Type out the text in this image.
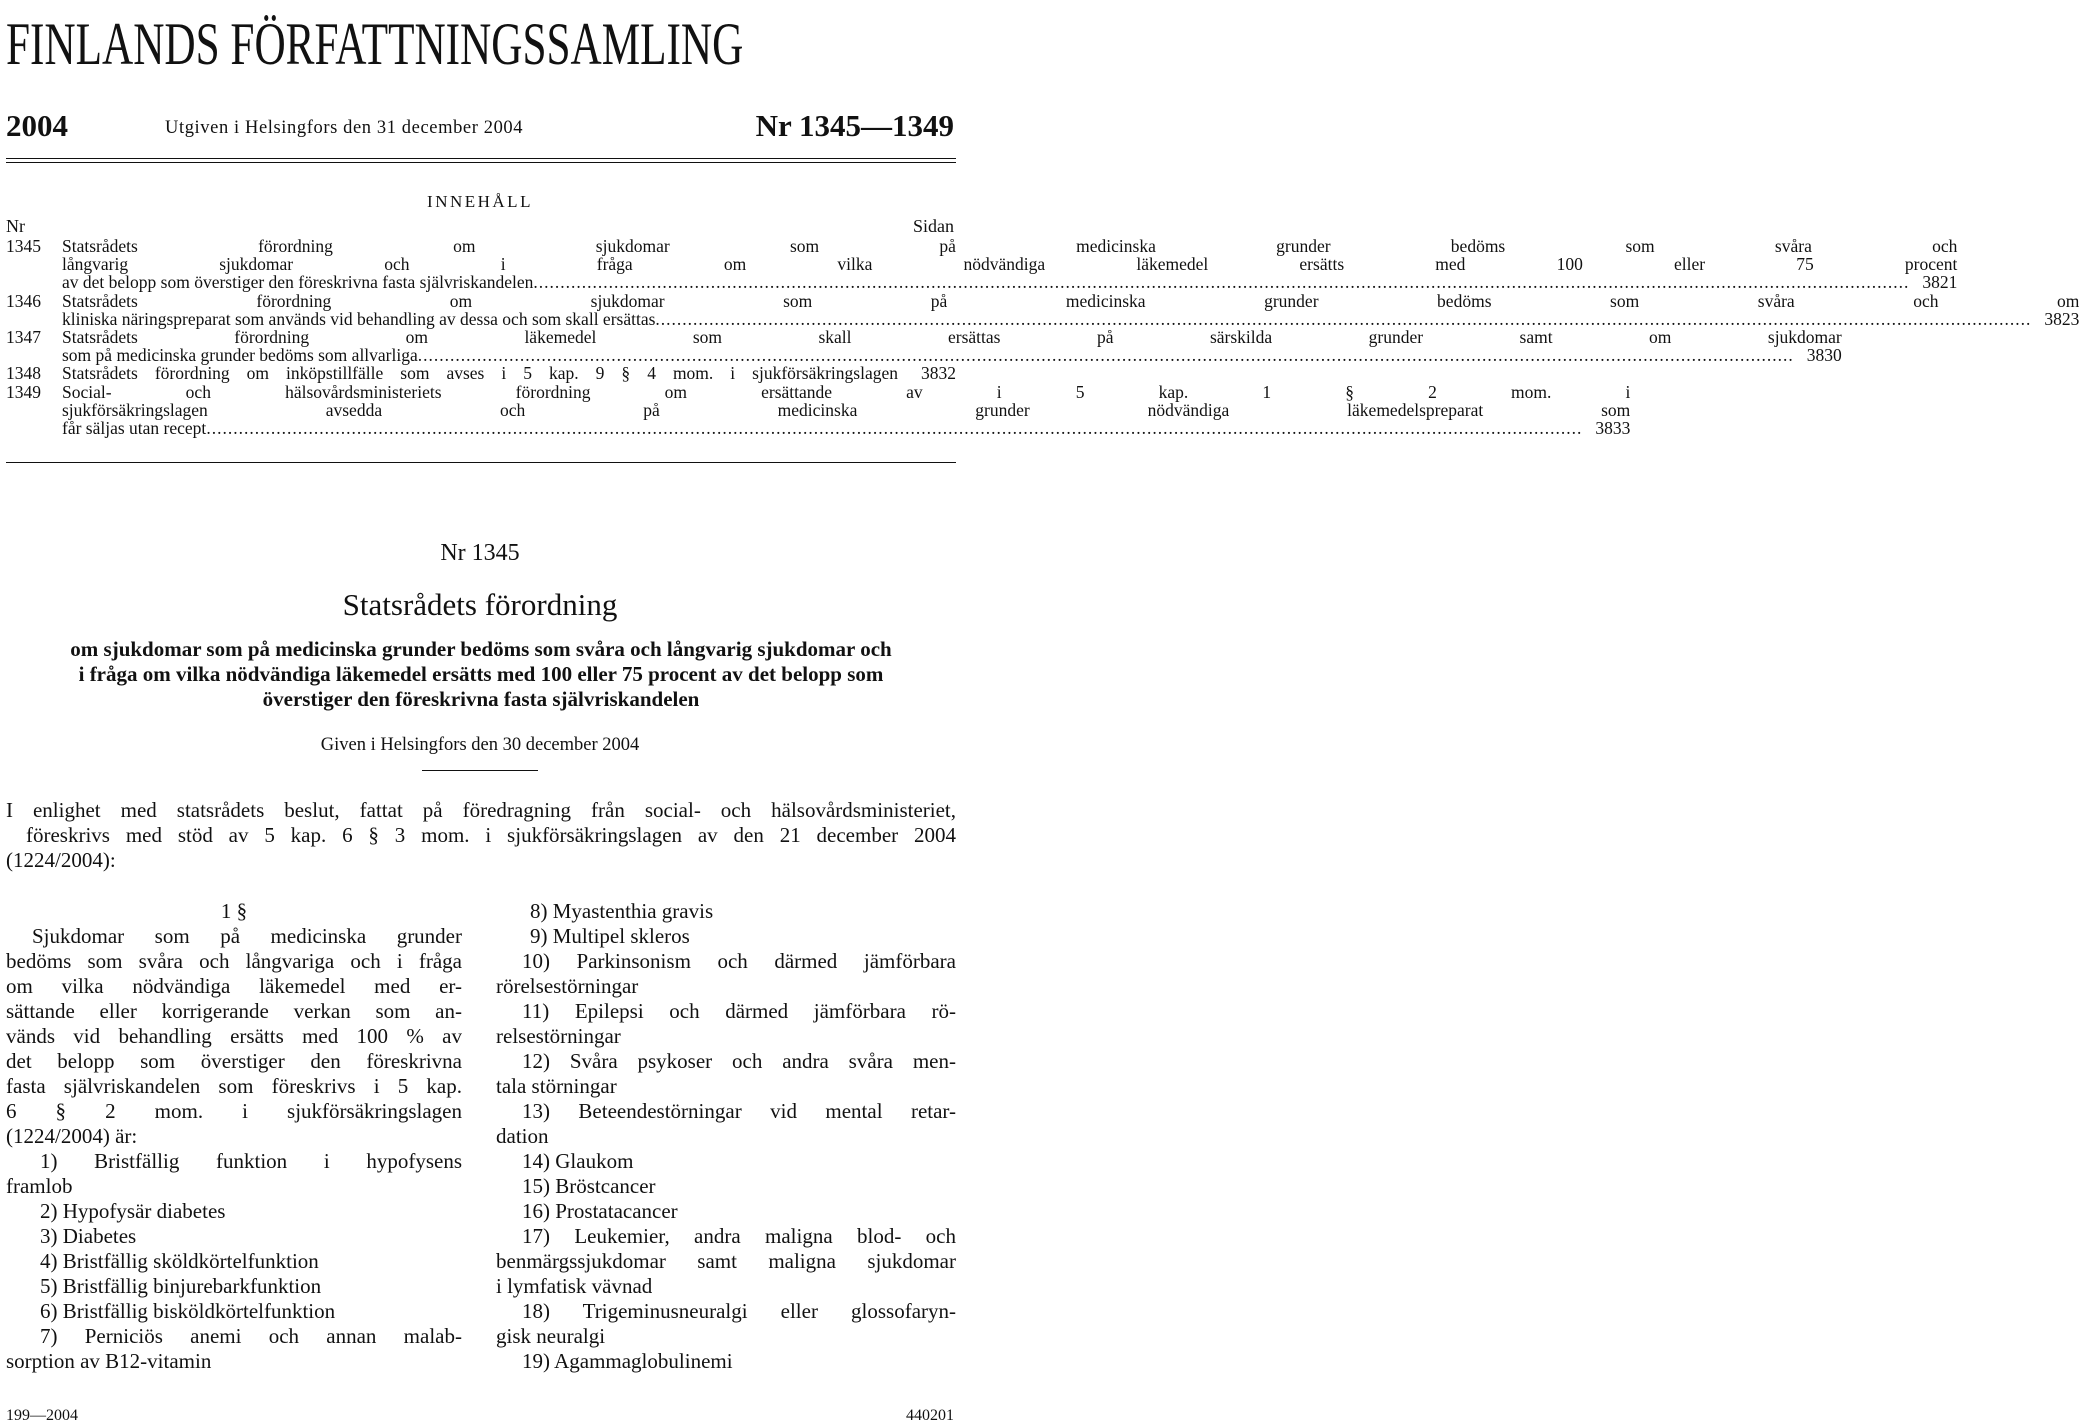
FINLANDS FÖRFATTNINGSSAMLING
2004	Utgiven i Helsingfors den 31 december 2004	Nr 1345—1349
INNEHÅLL
Nr	Sidan
1345	Statsrådets förordning om sjukdomar som på medicinska grunder bedöms som svåra och
långvarig sjukdomar och i fråga om vilka nödvändiga läkemedel ersätts med 100 eller 75 procent
av det belopp som överstiger den föreskrivna fasta självriskandelen .....	3821
1346	Statsrådets förordning om sjukdomar som på medicinska grunder bedöms som svåra och om
kliniska näringspreparat som används vid behandling av dessa och som skall ersättas .....	3823
1347	Statsrådets förordning om läkemedel som skall ersättas på särskilda grunder samt om sjukdomar
som på medicinska grunder bedöms som allvarliga .....	3830
1348	Statsrådets förordning om inköpstillfälle som avses i 5 kap. 9 § 4 mom. i sjukförsäkringslagen	3832
1349	Social- och hälsovårdsministeriets förordning om ersättande av i 5 kap. 1 § 2 mom. i
sjukförsäkringslagen avsedda och på medicinska grunder nödvändiga läkemedelspreparat som
får säljas utan recept .....	3833
Nr 1345
Statsrådets förordning
om sjukdomar som på medicinska grunder bedöms som svåra och långvarig sjukdomar och
i fråga om vilka nödvändiga läkemedel ersätts med 100 eller 75 procent av det belopp som
överstiger den föreskrivna fasta självriskandelen
Given i Helsingfors den 30 december 2004
I enlighet med statsrådets beslut, fattat på föredragning från social- och hälsovårdsministeriet,
föreskrivs med stöd av 5 kap. 6 § 3 mom. i sjukförsäkringslagen av den 21 december 2004
(1224/2004):
1 §
Sjukdomar som på medicinska grunder
bedöms som svåra och långvariga och i fråga
om vilka nödvändiga läkemedel med er-
sättande eller korrigerande verkan som an-
vänds vid behandling ersätts med 100 % av
det belopp som överstiger den föreskrivna
fasta självriskandelen som föreskrivs i 5 kap.
6 § 2 mom. i sjukförsäkringslagen
(1224/2004) är:
1) Bristfällig funktion i hypofysens
framlob
2) Hypofysär diabetes
3) Diabetes
4) Bristfällig sköldkörtelfunktion
5) Bristfällig binjurebarkfunktion
6) Bristfällig bisköldkörtelfunktion
7) Perniciös anemi och annan malab-
sorption av B12-vitamin
8) Myastenthia gravis
9) Multipel skleros
10) Parkinsonism och därmed jämförbara
rörelsestörningar
11) Epilepsi och därmed jämförbara rö-
relsestörningar
12) Svåra psykoser och andra svåra men-
tala störningar
13) Beteendestörningar vid mental retar-
dation
14) Glaukom
15) Bröstcancer
16) Prostatacancer
17) Leukemier, andra maligna blod- och
benmärgssjukdomar samt maligna sjukdomar
i lymfatisk vävnad
18) Trigeminusneuralgi eller glossofaryn-
gisk neuralgi
19) Agammaglobulinemi
199—2004	440201
